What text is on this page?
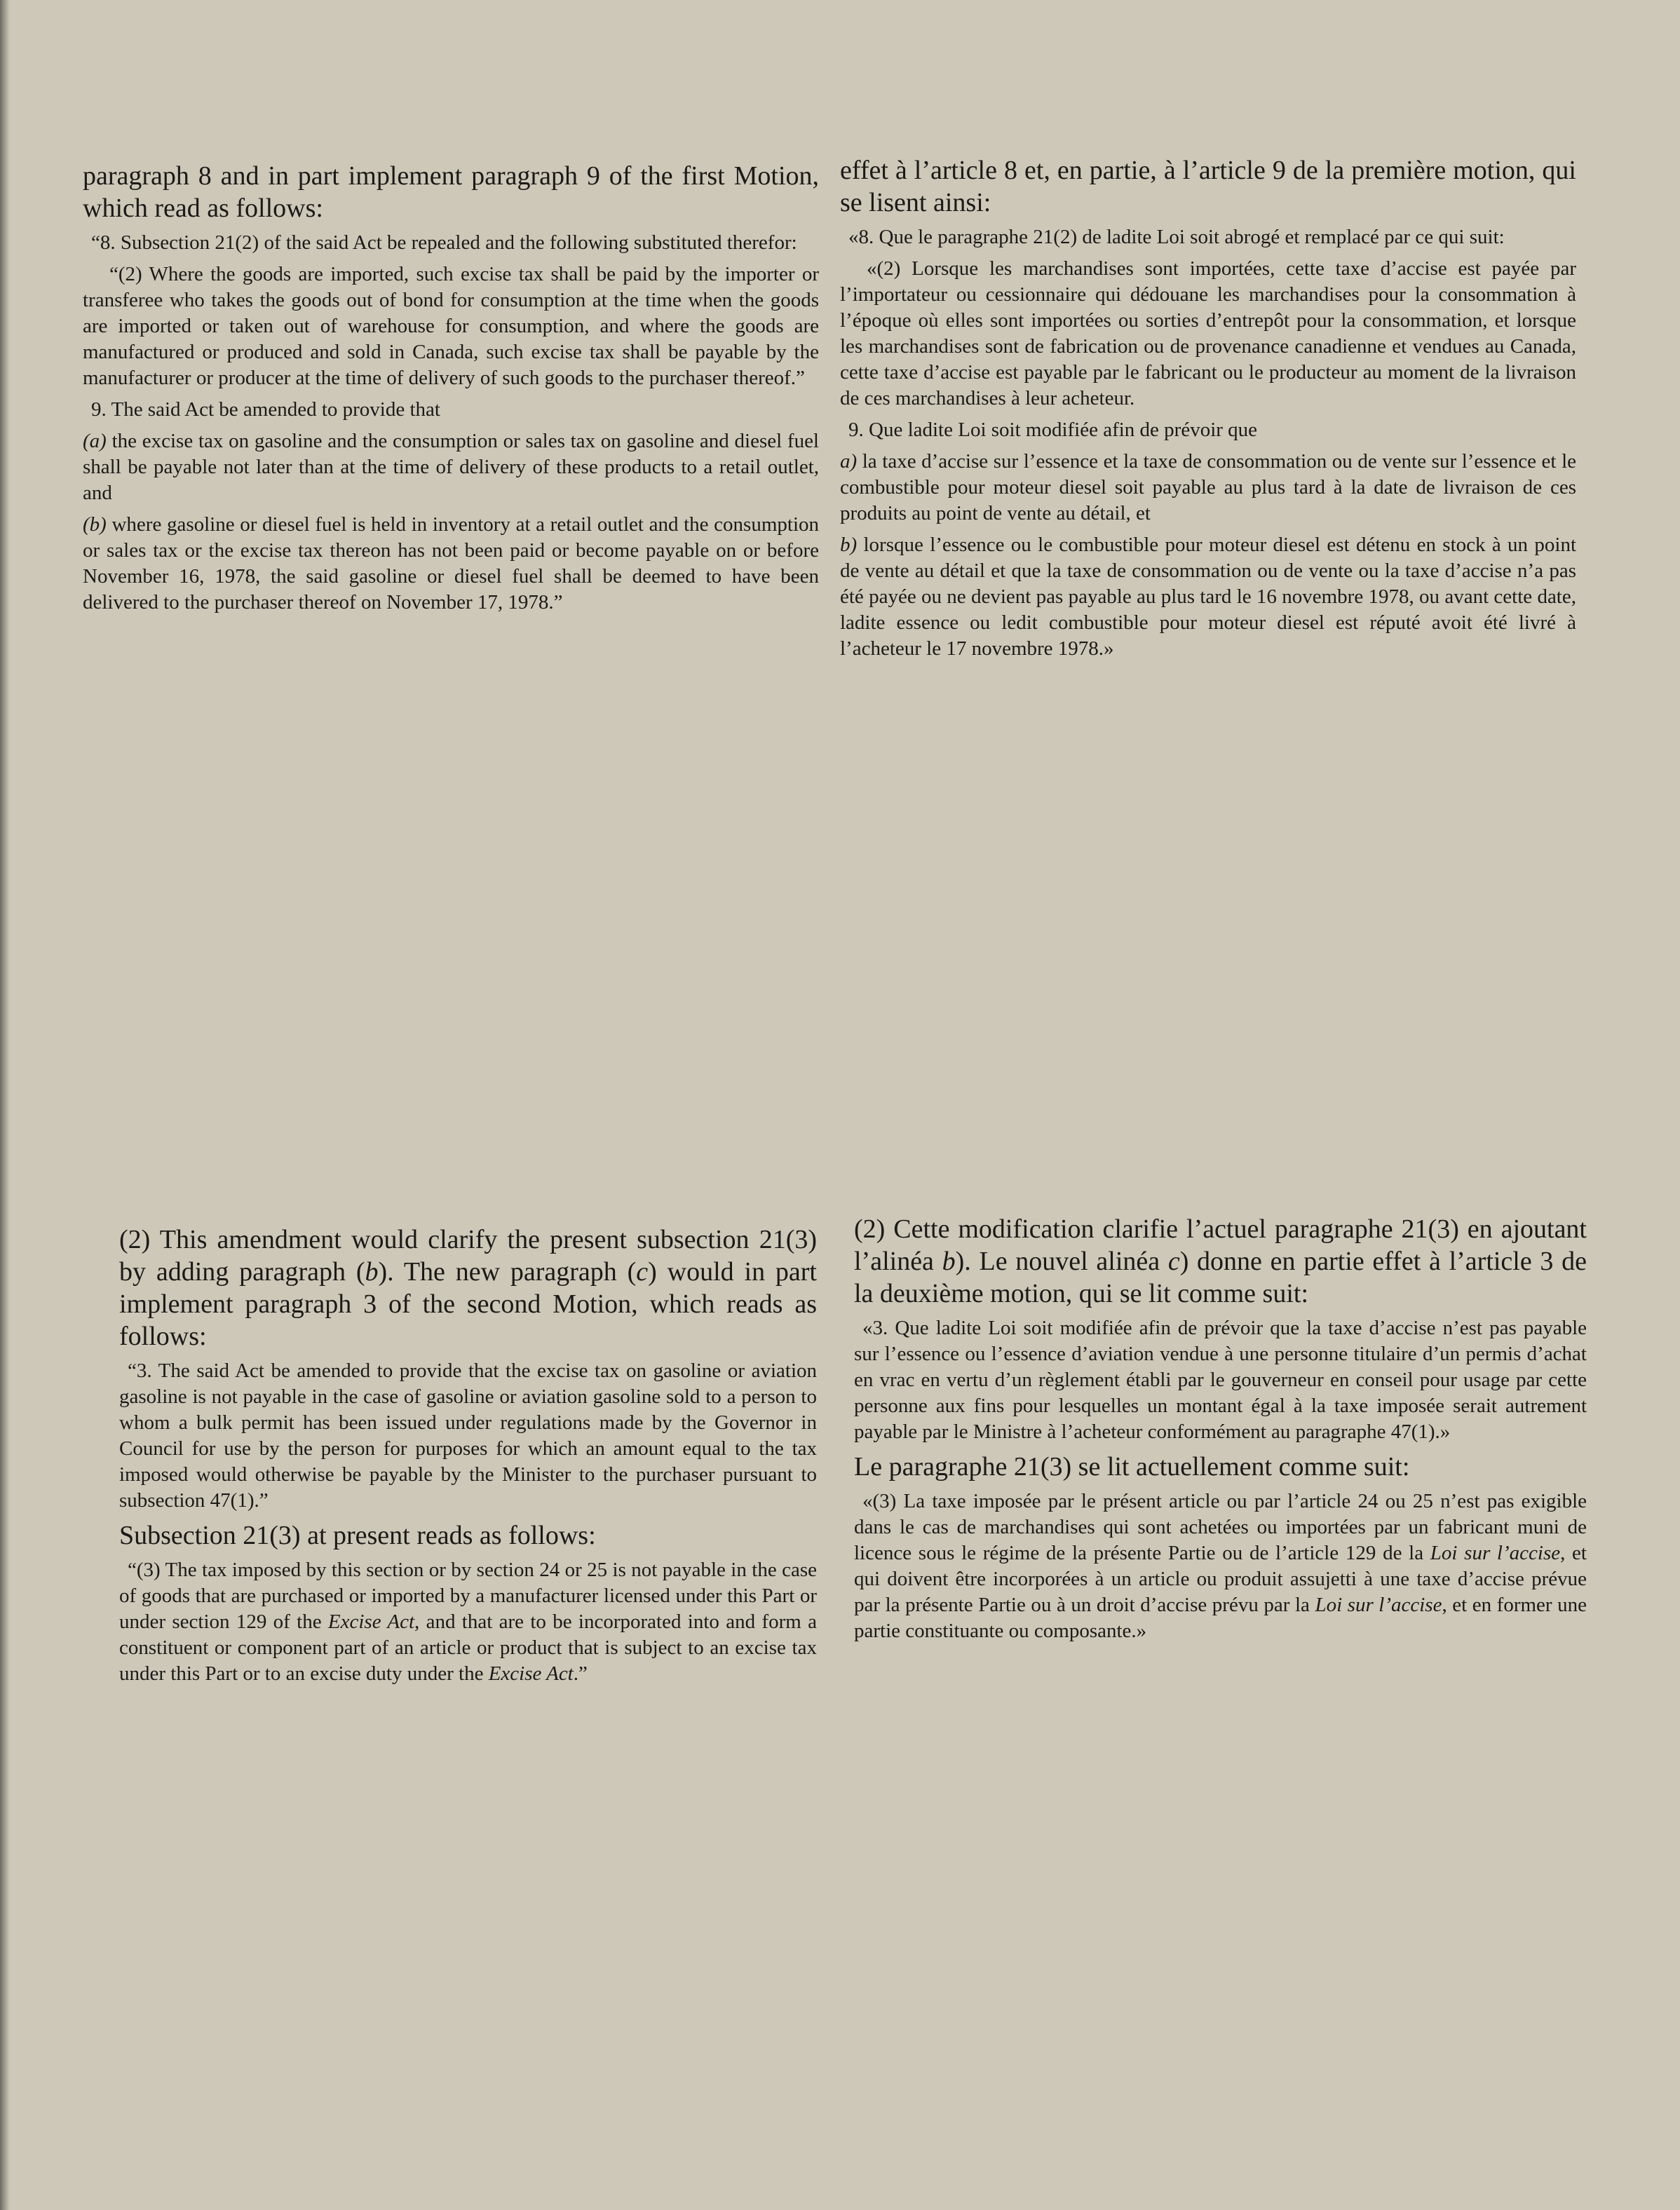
paragraph 8 and in part implement paragraph 9 of the first Motion, which read as follows:

“8. Subsection 21(2) of the said Act be repealed and the following substituted therefor:

“(2) Where the goods are imported, such excise tax shall be paid by the importer or transferee who takes the goods out of bond for consumption at the time when the goods are imported or taken out of warehouse for consumption, and where the goods are manufactured or produced and sold in Canada, such excise tax shall be payable by the manufacturer or producer at the time of delivery of such goods to the purchaser thereof.”

9. The said Act be amended to provide that

(a) the excise tax on gasoline and the consumption or sales tax on gasoline and diesel fuel shall be payable not later than at the time of delivery of these products to a retail outlet, and

(b) where gasoline or diesel fuel is held in inventory at a retail outlet and the consumption or sales tax or the excise tax thereon has not been paid or become payable on or before November 16, 1978, the said gasoline or diesel fuel shall be deemed to have been delivered to the purchaser thereof on November 17, 1978.”

effet à l’article 8 et, en partie, à l’article 9 de la première motion, qui se lisent ainsi:

«8. Que le paragraphe 21(2) de ladite Loi soit abrogé et remplacé par ce qui suit:

«(2) Lorsque les marchandises sont importées, cette taxe d’accise est payée par l’importateur ou cessionnaire qui dédouane les marchandises pour la consommation à l’époque où elles sont importées ou sorties d’entrepôt pour la consommation, et lorsque les marchandises sont de fabrication ou de provenance canadienne et vendues au Canada, cette taxe d’accise est payable par le fabricant ou le producteur au moment de la livraison de ces marchandises à leur acheteur.

9. Que ladite Loi soit modifiée afin de prévoir que

a) la taxe d’accise sur l’essence et la taxe de consommation ou de vente sur l’essence et le combustible pour moteur diesel soit payable au plus tard à la date de livraison de ces produits au point de vente au détail, et

b) lorsque l’essence ou le combustible pour moteur diesel est détenu en stock à un point de vente au détail et que la taxe de consommation ou de vente ou la taxe d’accise n’a pas été payée ou ne devient pas payable au plus tard le 16 novembre 1978, ou avant cette date, ladite essence ou ledit combustible pour moteur diesel est réputé avoit été livré à l’acheteur le 17 novembre 1978.»

(2) This amendment would clarify the present subsection 21(3) by adding paragraph (b). The new paragraph (c) would in part implement paragraph 3 of the second Motion, which reads as follows:

“3. The said Act be amended to provide that the excise tax on gasoline or aviation gasoline is not payable in the case of gasoline or aviation gasoline sold to a person to whom a bulk permit has been issued under regulations made by the Governor in Council for use by the person for purposes for which an amount equal to the tax imposed would otherwise be payable by the Minister to the purchaser pursuant to subsection 47(1).”

Subsection 21(3) at present reads as follows:

“(3) The tax imposed by this section or by section 24 or 25 is not payable in the case of goods that are purchased or imported by a manufacturer licensed under this Part or under section 129 of the Excise Act, and that are to be incorporated into and form a constituent or component part of an article or product that is subject to an excise tax under this Part or to an excise duty under the Excise Act.”

(2) Cette modification clarifie l’actuel paragraphe 21(3) en ajoutant l’alinéa b). Le nouvel alinéa c) donne en partie effet à l’article 3 de la deuxième motion, qui se lit comme suit:

«3. Que ladite Loi soit modifiée afin de prévoir que la taxe d’accise n’est pas payable sur l’essence ou l’essence d’aviation vendue à une personne titulaire d’un permis d’achat en vrac en vertu d’un règlement établi par le gouverneur en conseil pour usage par cette personne aux fins pour lesquelles un montant égal à la taxe imposée serait autrement payable par le Ministre à l’acheteur conformément au paragraphe 47(1).»

Le paragraphe 21(3) se lit actuellement comme suit:

«(3) La taxe imposée par le présent article ou par l’article 24 ou 25 n’est pas exigible dans le cas de marchandises qui sont achetées ou importées par un fabricant muni de licence sous le régime de la présente Partie ou de l’article 129 de la Loi sur l’accise, et qui doivent être incorporées à un article ou produit assujetti à une taxe d’accise prévue par la présente Partie ou à un droit d’accise prévu par la Loi sur l’accise, et en former une partie constituante ou composante.»
